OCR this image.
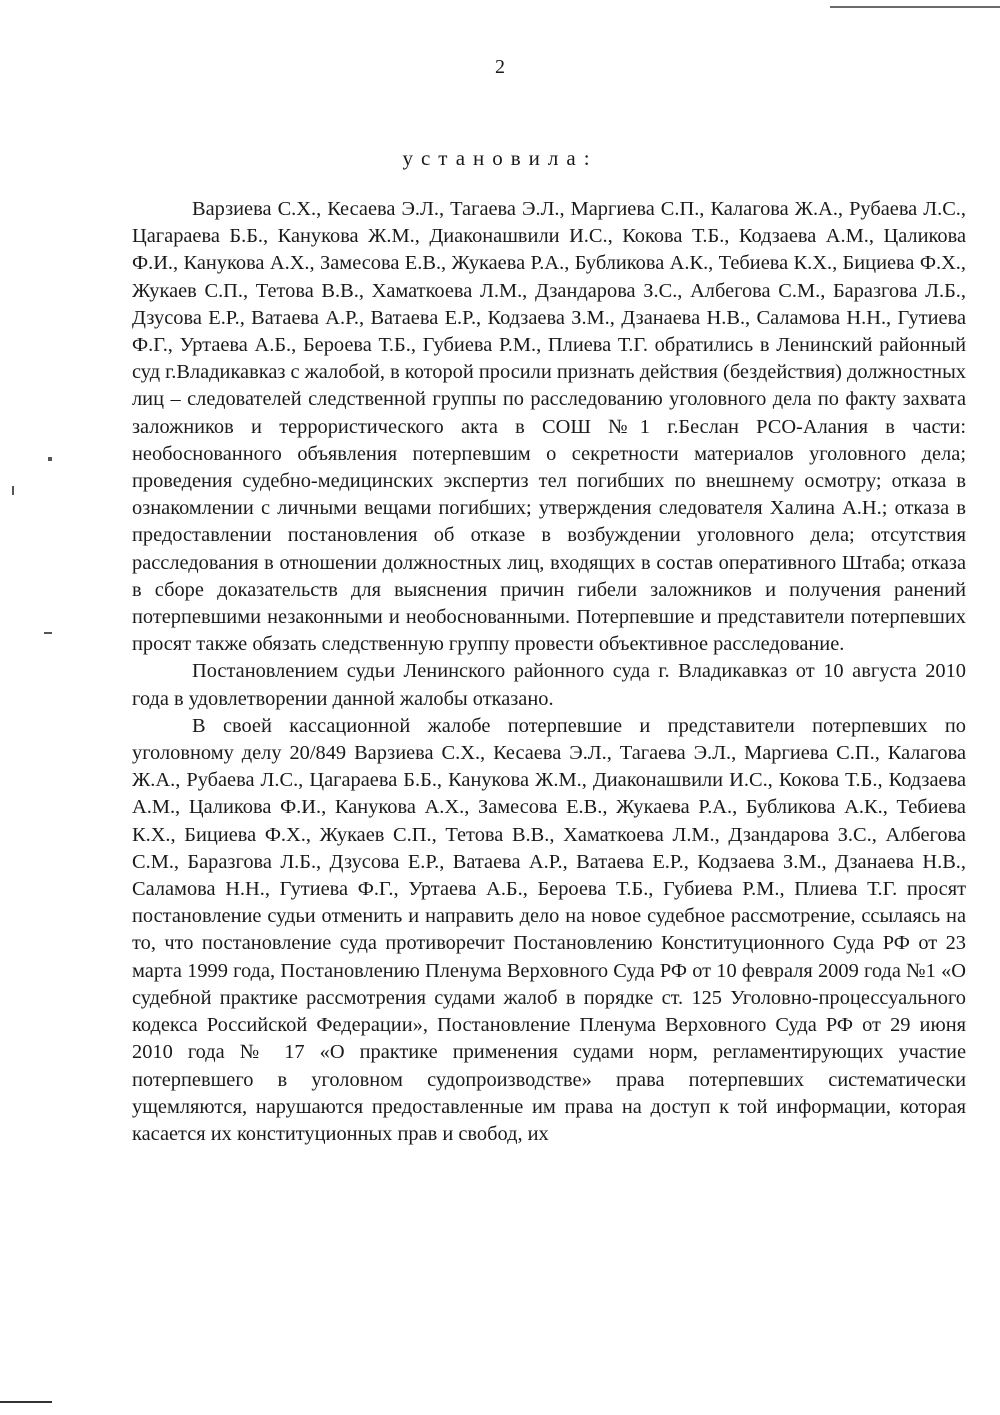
2
установила:

Варзиева С.Х., Кесаева Э.Л., Тагаева Э.Л., Маргиева С.П., Калагова Ж.А., Рубаева Л.С., Цагараева Б.Б., Канукова Ж.М., Диаконашвили И.С., Кокова Т.Б., Кодзаева А.М., Цаликова Ф.И., Канукова А.Х., Замесова Е.В., Жукаева Р.А., Бубликова А.К., Тебиева К.Х., Бициева Ф.Х., Жукаев С.П., Тетова В.В., Хаматкоева Л.М., Дзандарова З.С., Албегова С.М., Баразгова Л.Б., Дзусова Е.Р., Ватаева А.Р., Ватаева Е.Р., Кодзаева З.М., Дзанаева Н.В., Саламова Н.Н., Гутиева Ф.Г., Уртаева А.Б., Бероева Т.Б., Губиева Р.М., Плиева Т.Г. обратились в Ленинский районный суд г.Владикавказ с жалобой, в которой просили признать действия (бездействия) должностных лиц – следователей следственной группы по расследованию уголовного дела по факту захвата заложников и террористического акта в СОШ №1 г.Беслан РСО-Алания в части: необоснованного объявления потерпевшим о секретности материалов уголовного дела; проведения судебно-медицинских экспертиз тел погибших по внешнему осмотру; отказа в ознакомлении с личными вещами погибших; утверждения следователя Халина А.Н.; отказа в предоставлении постановления об отказе в возбуждении уголовного дела; отсутствия расследования в отношении должностных лиц, входящих в состав оперативного Штаба; отказа в сборе доказательств для выяснения причин гибели заложников и получения ранений потерпевшими незаконными и необоснованными. Потерпевшие и представители потерпевших просят также обязать следственную группу провести объективное расследование.

Постановлением судьи Ленинского районного суда г. Владикавказ от 10 августа 2010 года в удовлетворении данной жалобы отказано.

В своей кассационной жалобе потерпевшие и представители потерпевших по уголовному делу 20/849 Варзиева С.Х., Кесаева Э.Л., Тагаева Э.Л., Маргиева С.П., Калагова Ж.А., Рубаева Л.С., Цагараева Б.Б., Канукова Ж.М., Диаконашвили И.С., Кокова Т.Б., Кодзаева А.М., Цаликова Ф.И., Канукова А.Х., Замесова Е.В., Жукаева Р.А., Бубликова А.К., Тебиева К.Х., Бициева Ф.Х., Жукаев С.П., Тетова В.В., Хаматкоева Л.М., Дзандарова З.С., Албегова С.М., Баразгова Л.Б., Дзусова Е.Р., Ватаева А.Р., Ватаева Е.Р., Кодзаева З.М., Дзанаева Н.В., Саламова Н.Н., Гутиева Ф.Г., Уртаева А.Б., Бероева Т.Б., Губиева Р.М., Плиева Т.Г. просят постановление судьи отменить и направить дело на новое судебное рассмотрение, ссылаясь на то, что постановление суда противоречит Постановлению Конституционного Суда РФ от 23 марта 1999 года, Постановлению Пленума Верховного Суда РФ от 10 февраля 2009 года №1 «О судебной практике рассмотрения судами жалоб в порядке ст. 125 Уголовно-процессуального кодекса Российской Федерации», Постановление Пленума Верховного Суда РФ от 29 июня 2010 года № 17 «О практике применения судами норм, регламентирующих участие потерпевшего в уголовном судопроизводстве» права потерпевших систематически ущемляются, нарушаются предоставленные им права на доступ к той информации, которая касается их конституционных прав и свобод, их
